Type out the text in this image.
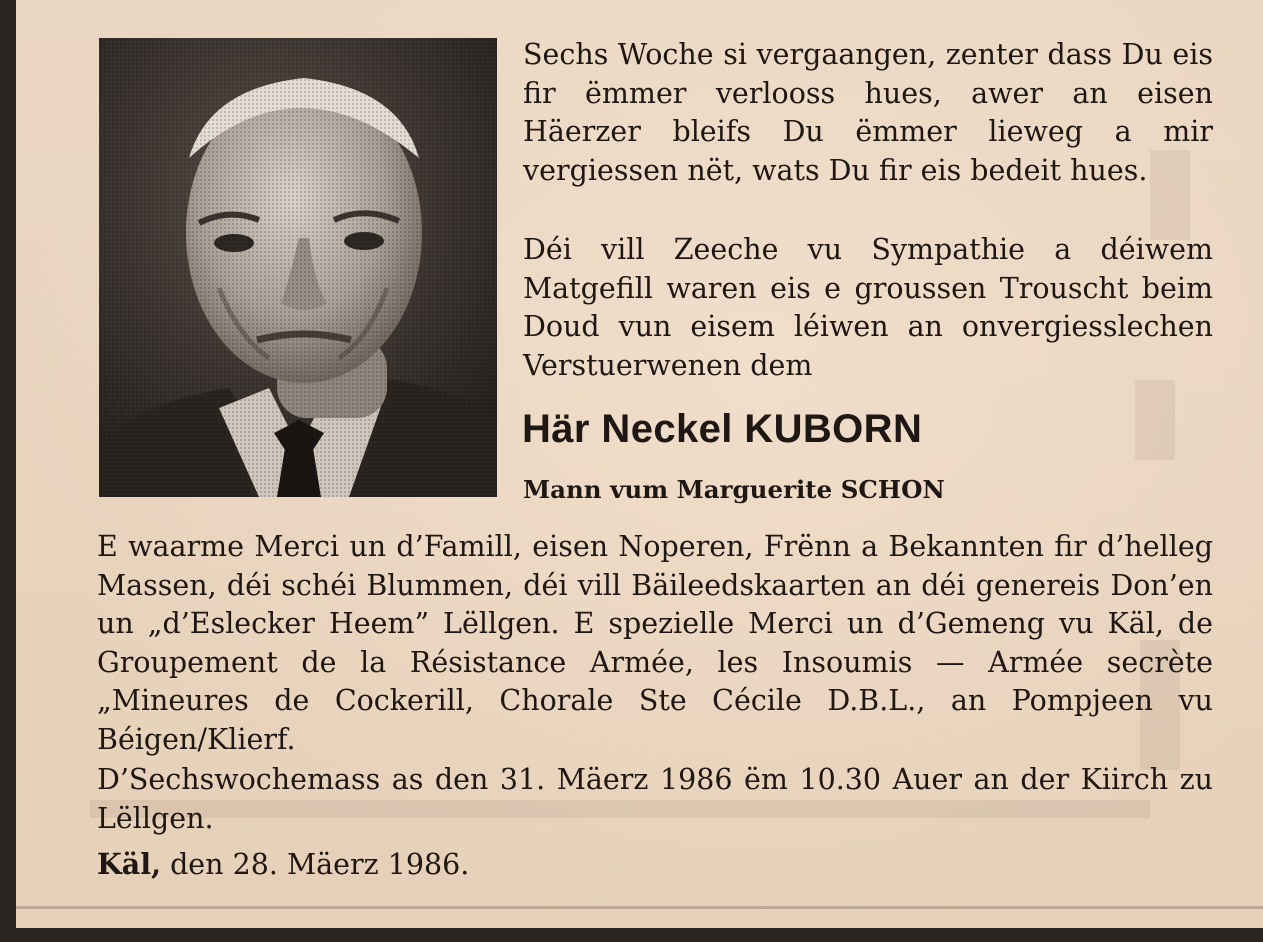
Sechs Woche si vergaangen, zenter dass Du eis fir ëmmer verlooss hues, awer an eisen Häerzer bleifs Du ëmmer lieweg a mir vergiessen nët, wats Du fir eis bedeit hues.

Déi vill Zeeche vu Sympathie a déiwem Matgefill waren eis e groussen Trouscht beim Doud vun eisem léiwen an onvergiesslechen Verstuerwenen dem

Här Neckel KUBORN

Mann vum Marguerite SCHON

E waarme Merci un d’Famill, eisen Noperen, Frënn a Bekannten fir d’helleg Massen, déi schéi Blummen, déi vill Bäileedskaarten an déi genereis Don’en un „d’Eslecker Heem” Lëllgen. E spezielle Merci un d’Gemeng vu Käl, de Groupement de la Résistance Armée, les Insoumis — Armée secrète „Mineures de Cockerill, Chorale Ste Cécile D.B.L., an Pompjeen vu Béigen/Klierf.

D’Sechswochemass as den 31. Mäerz 1986 ëm 10.30 Auer an der Kiirch zu Lëllgen.

Käl, den 28. Mäerz 1986.
